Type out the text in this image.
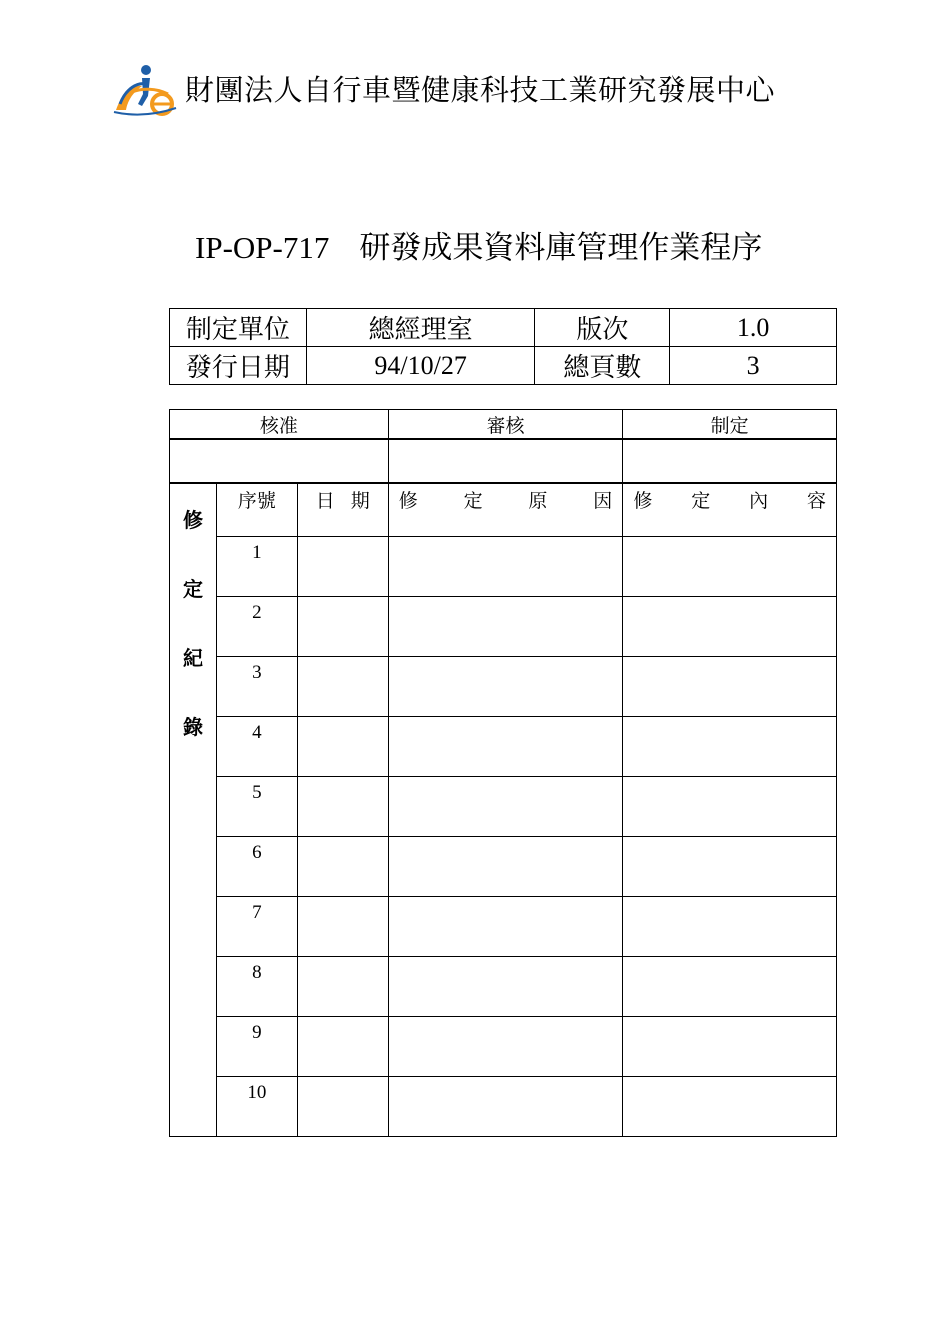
財團法人自行車暨健康科技工業研究發展中心
IP-OP-717 研發成果資料庫管理作業程序
制定單位	總經理室	版次	1.0
發行日期	94/10/27	總頁數	3
核准			審核	制定

修
定
紀
錄	序號	日 期	修 定 原 因	修 定 內 容

	1			
	2			
	3			
	4			
	5			
	6			
	7			
	8			
	9			
	10			
